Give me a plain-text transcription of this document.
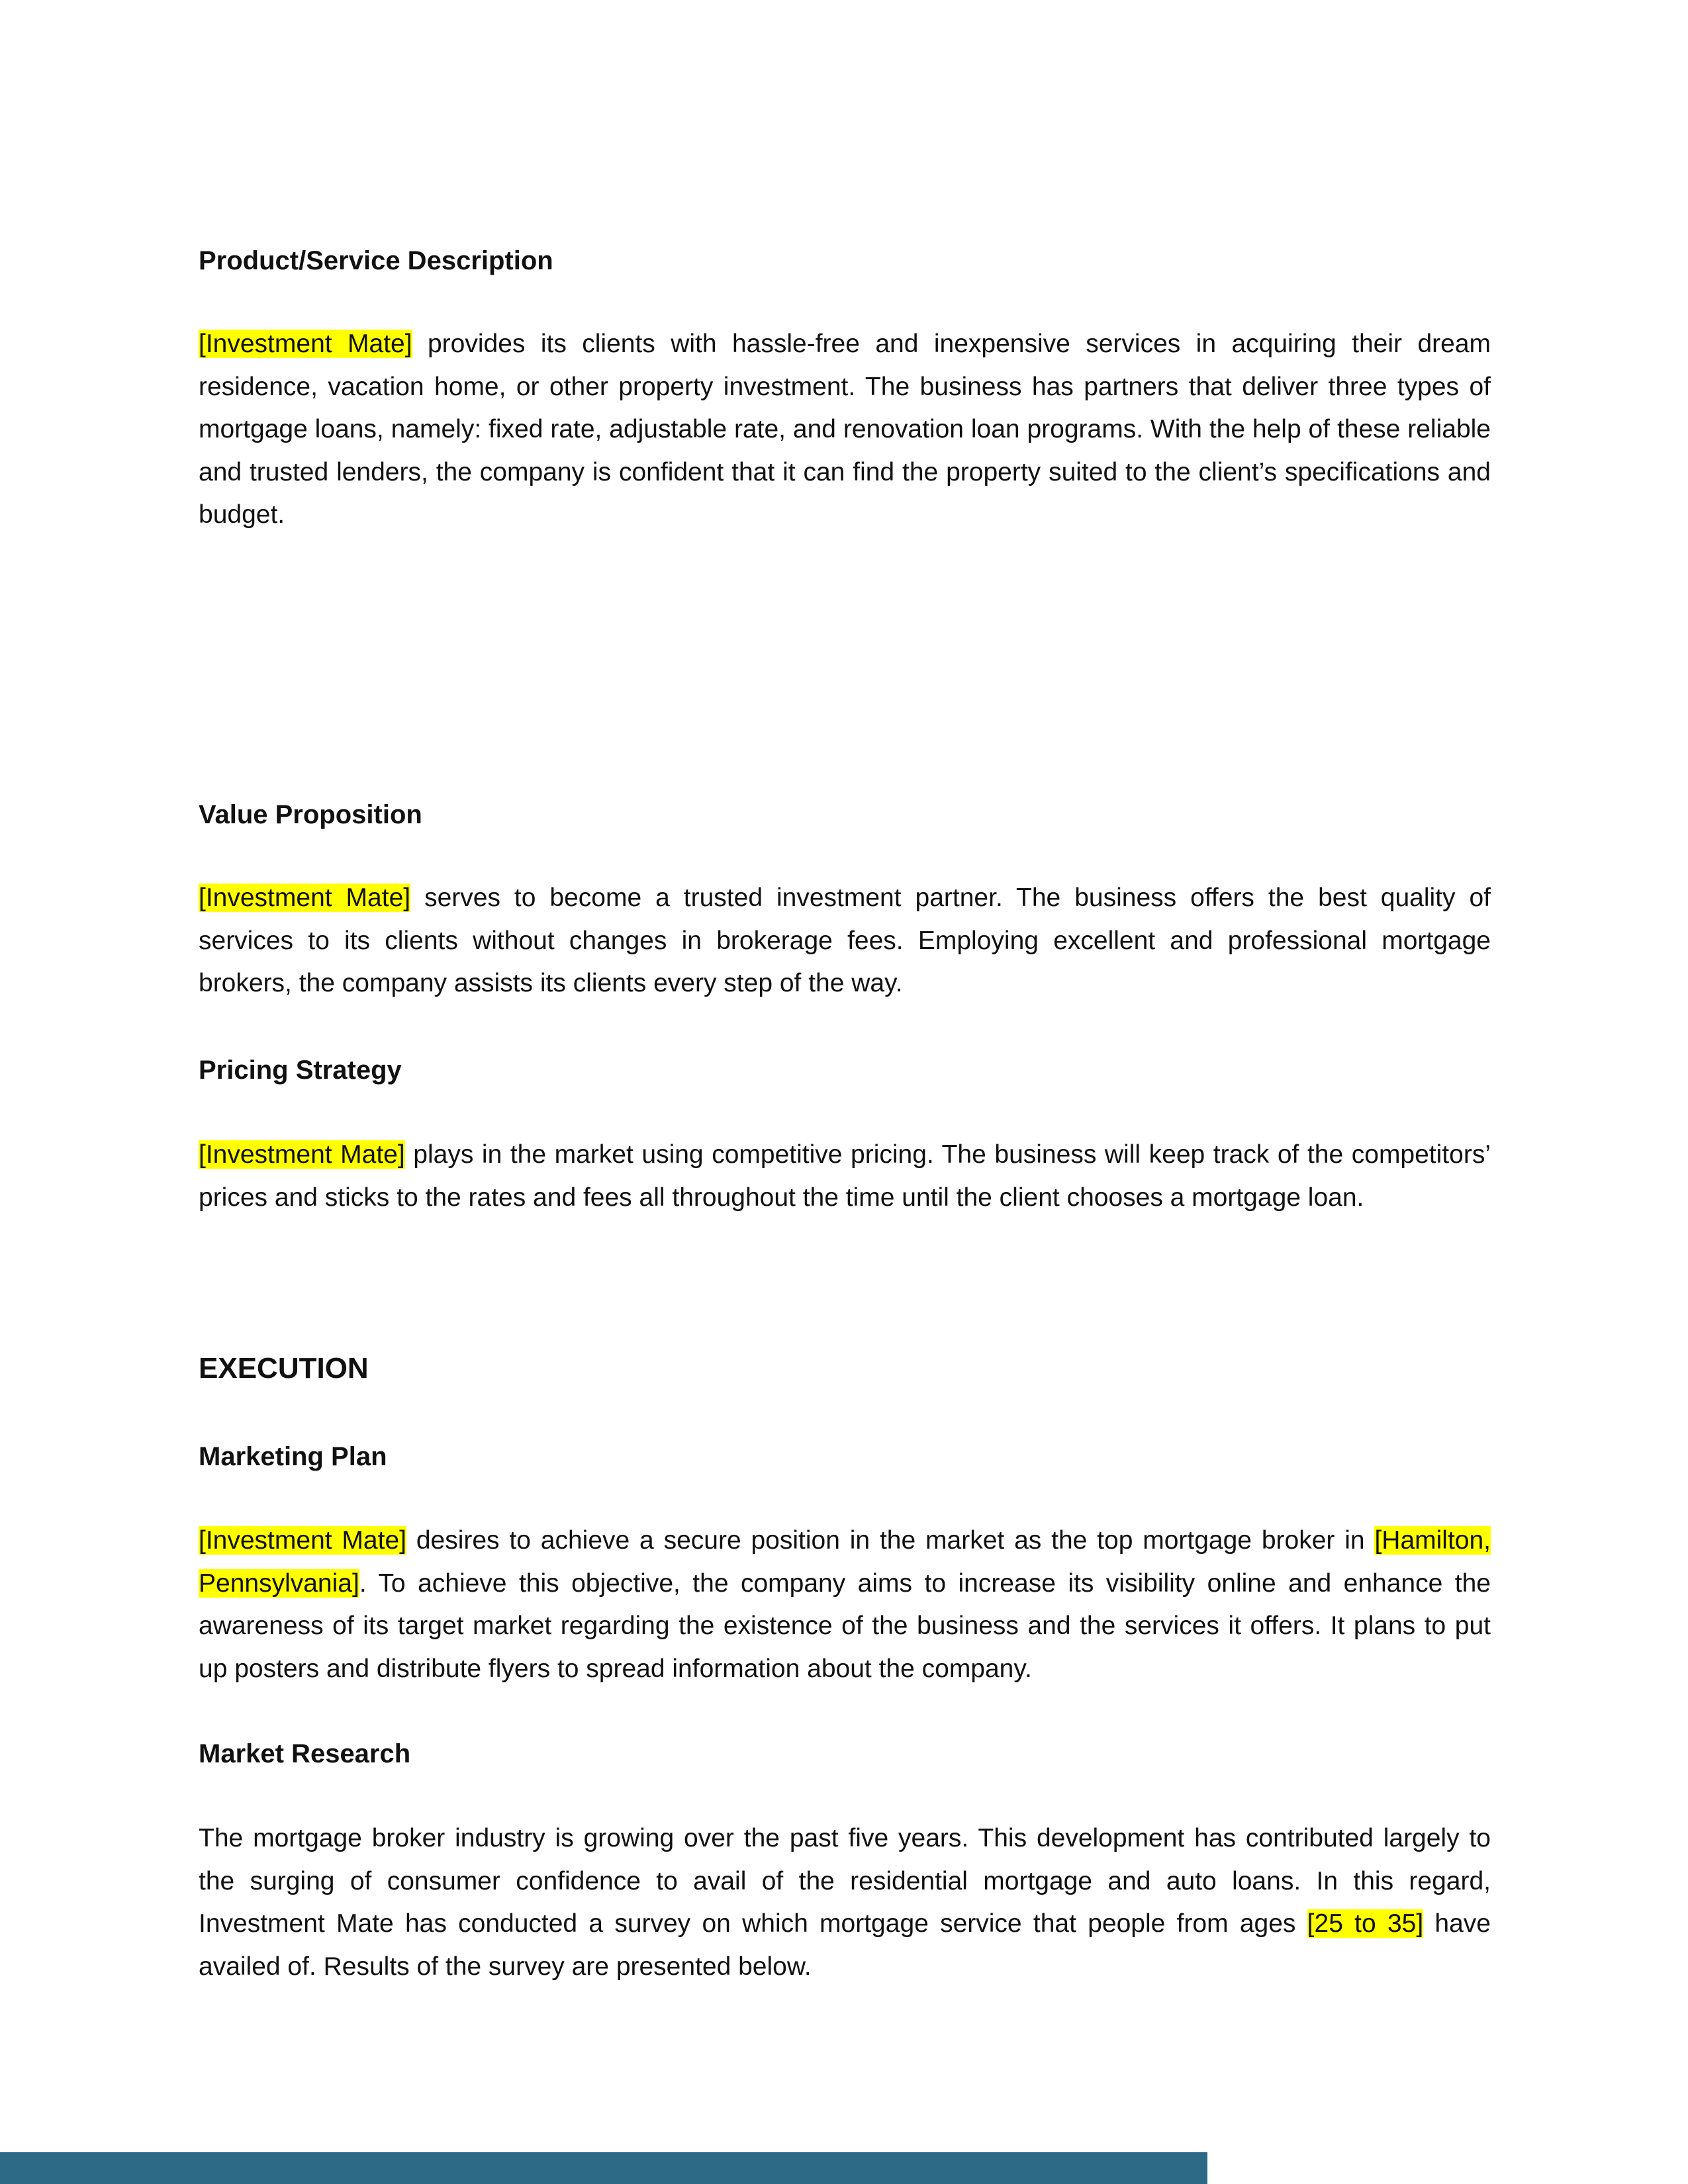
Product/Service Description

[Investment Mate] provides its clients with hassle-free and inexpensive services in acquiring their dream residence, vacation home, or other property investment. The business has partners that deliver three types of mortgage loans, namely: fixed rate, adjustable rate, and renovation loan programs. With the help of these reliable and trusted lenders, the company is confident that it can find the property suited to the client’s specifications and budget.

Value Proposition

[Investment Mate] serves to become a trusted investment partner. The business offers the best quality of services to its clients without changes in brokerage fees. Employing excellent and professional mortgage brokers, the company assists its clients every step of the way.

Pricing Strategy

[Investment Mate] plays in the market using competitive pricing. The business will keep track of the competitors’ prices and sticks to the rates and fees all throughout the time until the client chooses a mortgage loan.

EXECUTION
Marketing Plan

[Investment Mate] desires to achieve a secure position in the market as the top mortgage broker in [Hamilton, Pennsylvania]. To achieve this objective, the company aims to increase its visibility online and enhance the awareness of its target market regarding the existence of the business and the services it offers. It plans to put up posters and distribute flyers to spread information about the company.

Market Research

The mortgage broker industry is growing over the past five years. This development has contributed largely to the surging of consumer confidence to avail of the residential mortgage and auto loans. In this regard, Investment Mate has conducted a survey on which mortgage service that people from ages [25 to 35] have availed of. Results of the survey are presented below.
